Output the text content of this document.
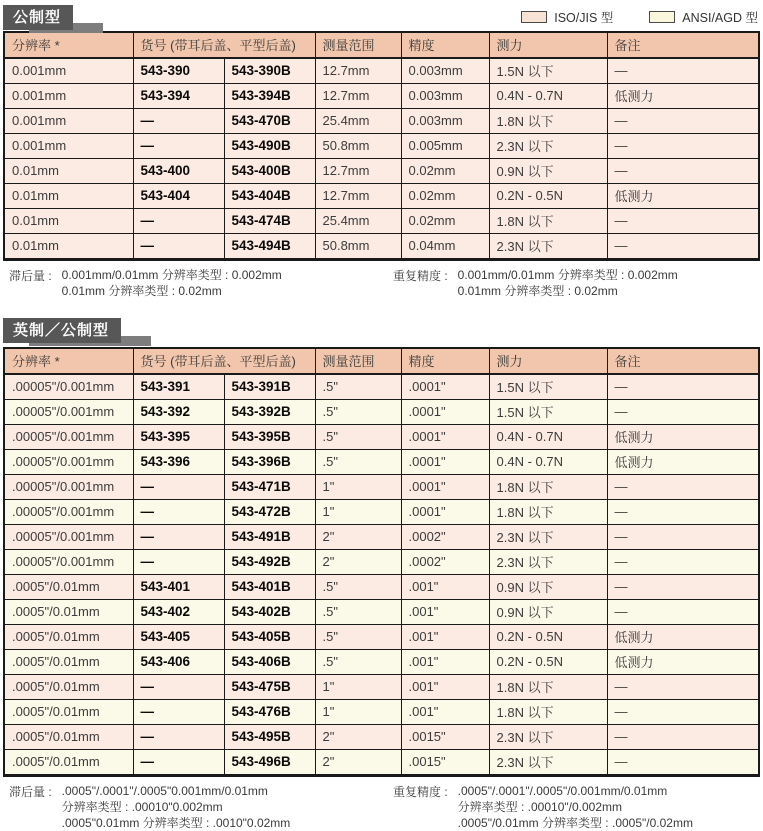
公制型	ISO/JIS 型	ANSI/AGD 型
分辨率 *	货号 (带耳后盖、平型后盖)		测量范围	精度	测力	备注
0.001mm	543-390	543-390B	12.7mm	0.003mm	1.5N 以下	—
0.001mm	543-394	543-394B	12.7mm	0.003mm	0.4N - 0.7N	低测力
0.001mm	—	543-470B	25.4mm	0.003mm	1.8N 以下	—
0.001mm	—	543-490B	50.8mm	0.005mm	2.3N 以下	—
0.01mm	543-400	543-400B	12.7mm	0.02mm	0.9N 以下	—
0.01mm	543-404	543-404B	12.7mm	0.02mm	0.2N - 0.5N	低测力
0.01mm	—	543-474B	25.4mm	0.02mm	1.8N 以下	—
0.01mm	—	543-494B	50.8mm	0.04mm	2.3N 以下	—
滞后量 : 0.001mm/0.01mm 分辨率类型 : 0.002mm
0.01mm 分辨率类型 : 0.02mm
重复精度 : 0.001mm/0.01mm 分辨率类型 : 0.002mm
0.01mm 分辨率类型 : 0.02mm
英制／公制型
分辨率 *	货号 (带耳后盖、平型后盖)		测量范围	精度	测力	备注
.00005"/0.001mm	543-391	543-391B	.5"	.0001"	1.5N 以下	—
.00005"/0.001mm	543-392	543-392B	.5"	.0001"	1.5N 以下	—
.00005"/0.001mm	543-395	543-395B	.5"	.0001"	0.4N - 0.7N	低测力
.00005"/0.001mm	543-396	543-396B	.5"	.0001"	0.4N - 0.7N	低测力
.00005"/0.001mm	—	543-471B	1"	.0001"	1.8N 以下	—
.00005"/0.001mm	—	543-472B	1"	.0001"	1.8N 以下	—
.00005"/0.001mm	—	543-491B	2"	.0002"	2.3N 以下	—
.00005"/0.001mm	—	543-492B	2"	.0002"	2.3N 以下	—
.0005"/0.01mm	543-401	543-401B	.5"	.001"	0.9N 以下	—
.0005"/0.01mm	543-402	543-402B	.5"	.001"	0.9N 以下	—
.0005"/0.01mm	543-405	543-405B	.5"	.001"	0.2N - 0.5N	低测力
.0005"/0.01mm	543-406	543-406B	.5"	.001"	0.2N - 0.5N	低测力
.0005"/0.01mm	—	543-475B	1"	.001"	1.8N 以下	—
.0005"/0.01mm	—	543-476B	1"	.001"	1.8N 以下	—
.0005"/0.01mm	—	543-495B	2"	.0015"	2.3N 以下	—
.0005"/0.01mm	—	543-496B	2"	.0015"	2.3N 以下	—
滞后量 : .0005"/.0001"/.0005"0.001mm/0.01mm
分辨率类型 : .00010"0.002mm
.0005"0.01mm 分辨率类型 : .0010"0.02mm
重复精度 : .0005"/.0001"/.0005"/0.001mm/0.01mm
分辨率类型 : .00010"/0.002mm
.0005"/0.01mm 分辨率类型 : .0005"/0.02mm
